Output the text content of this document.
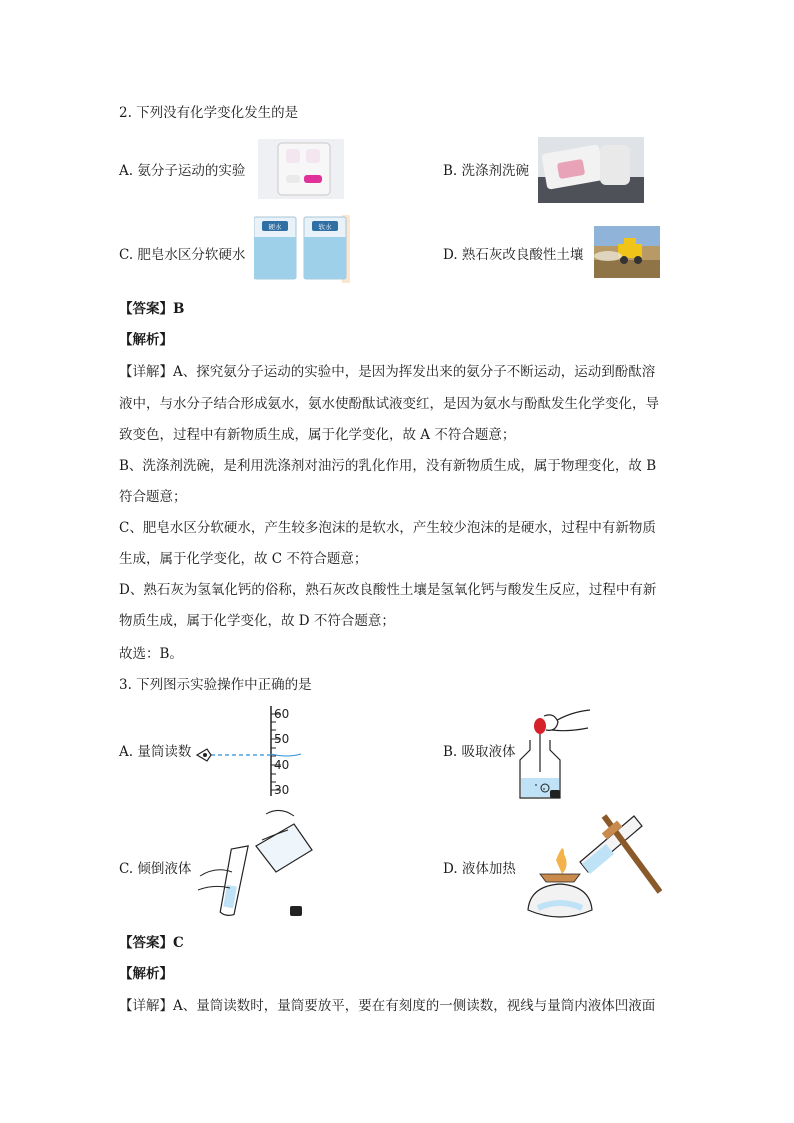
2. 下列没有化学变化发生的是
A. 氨分子运动的实验	B. 洗涤剂洗碗
C. 肥皂水区分软硬水
硬水	软水
D. 熟石灰改良酸性土壤
【答案】B
【解析】
【详解】A、探究氨分子运动的实验中，是因为挥发出来的氨分子不断运动，运动到酚酞溶
液中，与水分子结合形成氨水，氨水使酚酞试液变红，是因为氨水与酚酞发生化学变化，导
致变色，过程中有新物质生成，属于化学变化，故 A 不符合题意；
B、洗涤剂洗碗，是利用洗涤剂对油污的乳化作用，没有新物质生成，属于物理变化，故 B
符合题意；
C、肥皂水区分软硬水，产生较多泡沫的是软水，产生较少泡沫的是硬水，过程中有新物质
生成，属于化学变化，故 C 不符合题意；
D、熟石灰为氢氧化钙的俗称，熟石灰改良酸性土壤是氢氧化钙与酸发生反应，过程中有新
物质生成，属于化学变化，故 D 不符合题意；
故选：B。
3. 下列图示实验操作中正确的是
A. 量筒读数
60
50
40
30
B. 吸取液体
C. 倾倒液体	D. 液体加热
【答案】C
【解析】
【详解】A、量筒读数时，量筒要放平，要在有刻度的一侧读数，视线与量筒内液体凹液面
